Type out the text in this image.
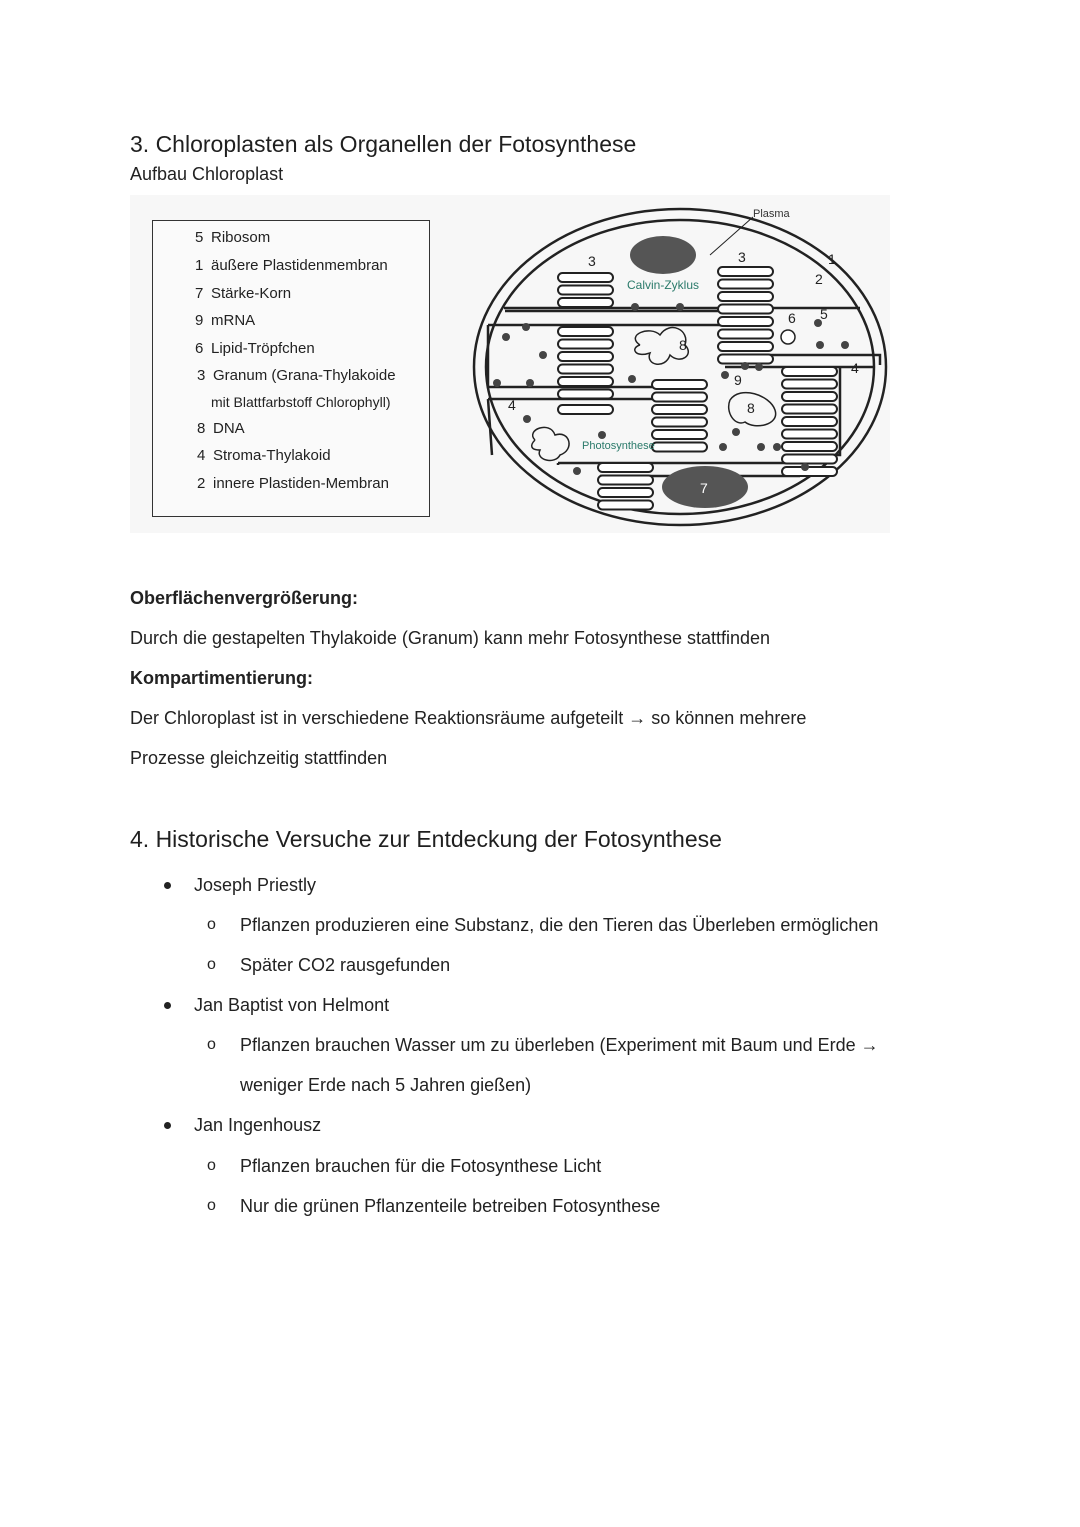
3. Chloroplasten als Organellen der Fotosynthese
Aufbau Chloroplast
5 Ribosom
1 äußere Plastidenmembran
7 Stärke-Korn
9 mRNA
6 Lipid-Tröpfchen
3 Granum (Grana-Thylakoide
mit Blattfarbstoff Chlorophyll)
8 DNA
4 Stroma-Thylakoid
2 innere Plastiden-Membran
Plasma
Calvin-Zyklus
Photosynthese
3	3	1
2
6 5
8
4
9
8
4
7
Oberflächenvergrößerung:
Durch die gestapelten Thylakoide (Granum) kann mehr Fotosynthese stattfinden
Kompartimentierung:
Der Chloroplast ist in verschiedene Reaktionsräume aufgeteilt → so können mehrere
Prozesse gleichzeitig stattfinden
4. Historische Versuche zur Entdeckung der Fotosynthese
Joseph Priestly
o Pflanzen produzieren eine Substanz, die den Tieren das Überleben ermöglichen
o Später CO2 rausgefunden
Jan Baptist von Helmont
o Pflanzen brauchen Wasser um zu überleben (Experiment mit Baum und Erde →
weniger Erde nach 5 Jahren gießen)
Jan Ingenhousz
o Pflanzen brauchen für die Fotosynthese Licht
o Nur die grünen Pflanzenteile betreiben Fotosynthese
